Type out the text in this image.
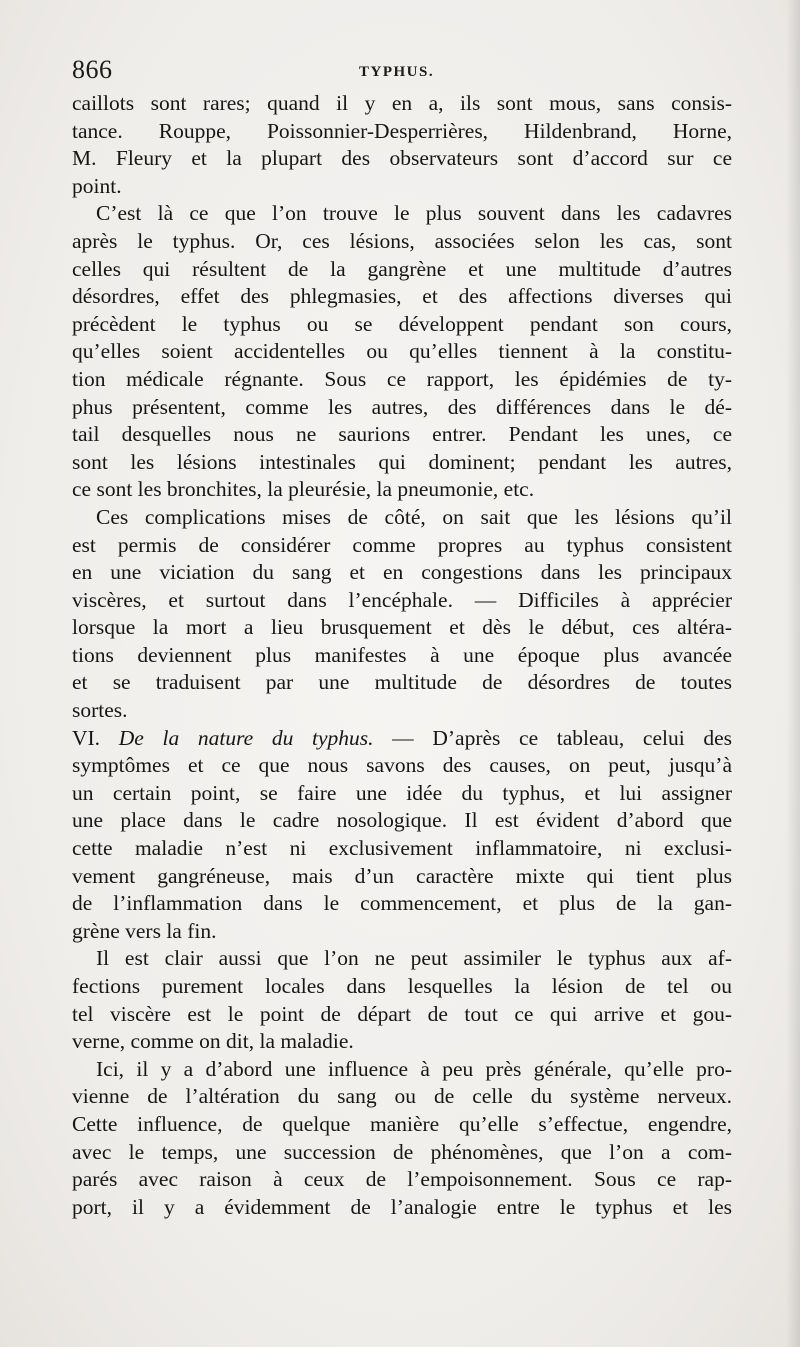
866	TYPHUS.
caillots sont rares; quand il y en a, ils sont mous, sans consis-
tance. Rouppe, Poissonnier-Desperrières, Hildenbrand, Horne,
M. Fleury et la plupart des observateurs sont d’accord sur ce
point.
C’est là ce que l’on trouve le plus souvent dans les cadavres
après le typhus. Or, ces lésions, associées selon les cas, sont
celles qui résultent de la gangrène et une multitude d’autres
désordres, effet des phlegmasies, et des affections diverses qui
précèdent le typhus ou se développent pendant son cours,
qu’elles soient accidentelles ou qu’elles tiennent à la constitu-
tion médicale régnante. Sous ce rapport, les épidémies de ty-
phus présentent, comme les autres, des différences dans le dé-
tail desquelles nous ne saurions entrer. Pendant les unes, ce
sont les lésions intestinales qui dominent; pendant les autres,
ce sont les bronchites, la pleurésie, la pneumonie, etc.
Ces complications mises de côté, on sait que les lésions qu’il
est permis de considérer comme propres au typhus consistent
en une viciation du sang et en congestions dans les principaux
viscères, et surtout dans l’encéphale. — Difficiles à apprécier
lorsque la mort a lieu brusquement et dès le début, ces altéra-
tions deviennent plus manifestes à une époque plus avancée
et se traduisent par une multitude de désordres de toutes
sortes.
VI. De la nature du typhus. — D’après ce tableau, celui des
symptômes et ce que nous savons des causes, on peut, jusqu’à
un certain point, se faire une idée du typhus, et lui assigner
une place dans le cadre nosologique. Il est évident d’abord que
cette maladie n’est ni exclusivement inflammatoire, ni exclusi-
vement gangréneuse, mais d’un caractère mixte qui tient plus
de l’inflammation dans le commencement, et plus de la gan-
grène vers la fin.
Il est clair aussi que l’on ne peut assimiler le typhus aux af-
fections purement locales dans lesquelles la lésion de tel ou
tel viscère est le point de départ de tout ce qui arrive et gou-
verne, comme on dit, la maladie.
Ici, il y a d’abord une influence à peu près générale, qu’elle pro-
vienne de l’altération du sang ou de celle du système nerveux.
Cette influence, de quelque manière qu’elle s’effectue, engendre,
avec le temps, une succession de phénomènes, que l’on a com-
parés avec raison à ceux de l’empoisonnement. Sous ce rap-
port, il y a évidemment de l’analogie entre le typhus et les
